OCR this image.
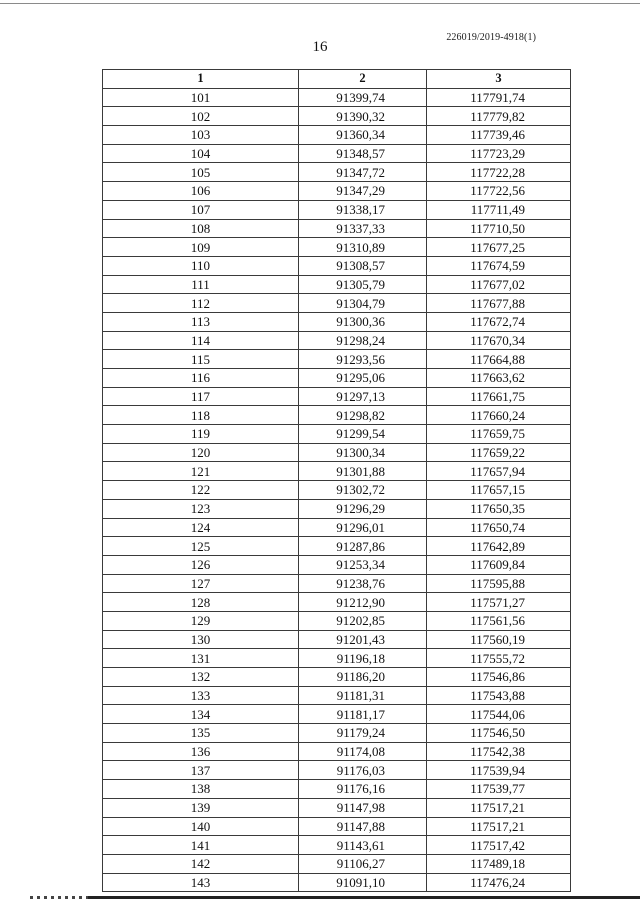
226019/2019-4918(1)
16
1	2	3
101	91399,74	117791,74
102	91390,32	117779,82
103	91360,34	117739,46
104	91348,57	117723,29
105	91347,72	117722,28
106	91347,29	117722,56
107	91338,17	117711,49
108	91337,33	117710,50
109	91310,89	117677,25
110	91308,57	117674,59
111	91305,79	117677,02
112	91304,79	117677,88
113	91300,36	117672,74
114	91298,24	117670,34
115	91293,56	117664,88
116	91295,06	117663,62
117	91297,13	117661,75
118	91298,82	117660,24
119	91299,54	117659,75
120	91300,34	117659,22
121	91301,88	117657,94
122	91302,72	117657,15
123	91296,29	117650,35
124	91296,01	117650,74
125	91287,86	117642,89
126	91253,34	117609,84
127	91238,76	117595,88
128	91212,90	117571,27
129	91202,85	117561,56
130	91201,43	117560,19
131	91196,18	117555,72
132	91186,20	117546,86
133	91181,31	117543,88
134	91181,17	117544,06
135	91179,24	117546,50
136	91174,08	117542,38
137	91176,03	117539,94
138	91176,16	117539,77
139	91147,98	117517,21
140	91147,88	117517,21
141	91143,61	117517,42
142	91106,27	117489,18
143	91091,10	117476,24
